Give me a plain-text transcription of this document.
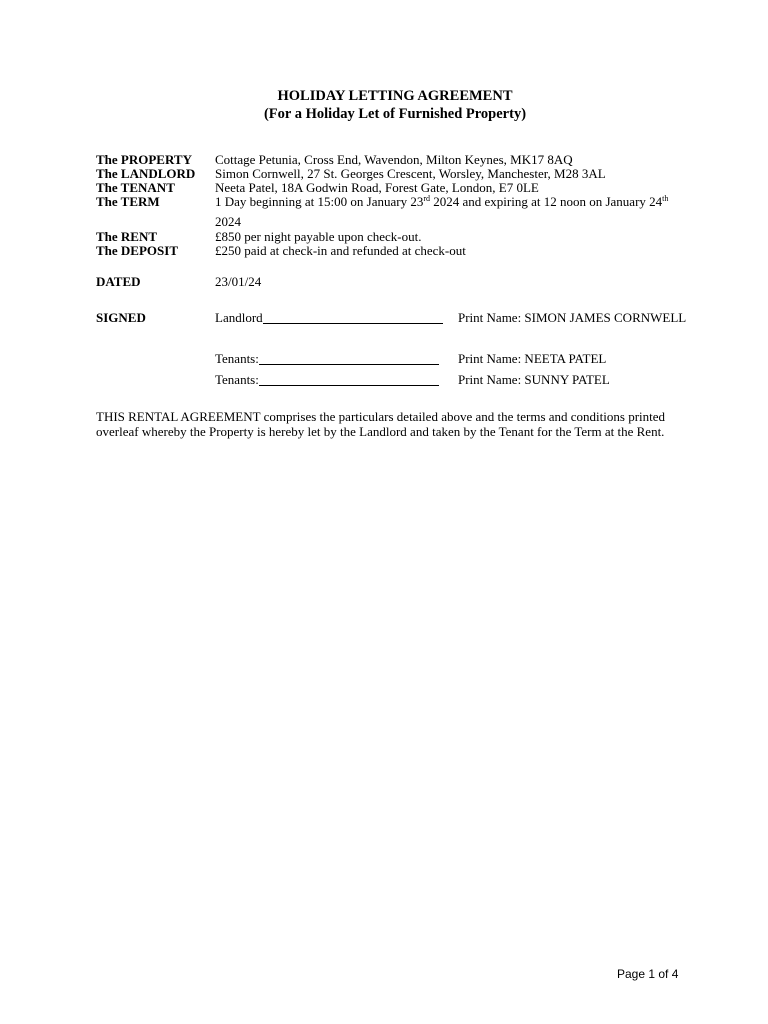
HOLIDAY LETTING AGREEMENT
(For a Holiday Let of Furnished Property)
The PROPERTY Cottage Petunia, Cross End, Wavendon, Milton Keynes, MK17 8AQ
The LANDLORD Simon Cornwell, 27 St. Georges Crescent, Worsley, Manchester, M28 3AL
The TENANT	Neeta Patel, 18A Godwin Road, Forest Gate, London, E7 0LE
The TERM	1 Day beginning at 15:00 on January 23rd 2024 and expiring at 12 noon on January 24th
2024
The RENT	£850 per night payable upon check-out.
The DEPOSIT	£250 paid at check-in and refunded at check-out
DATED	23/01/24
SIGNED	Landlord	Print Name: SIMON JAMES CORNWELL
Tenants:	Print Name: NEETA PATEL
Tenants:	Print Name: SUNNY PATEL
THIS RENTAL AGREEMENT comprises the particulars detailed above and the terms and conditions printed overleaf whereby the Property is hereby let by the Landlord and taken by the Tenant for the Term at the Rent.
Page 1 of 4
